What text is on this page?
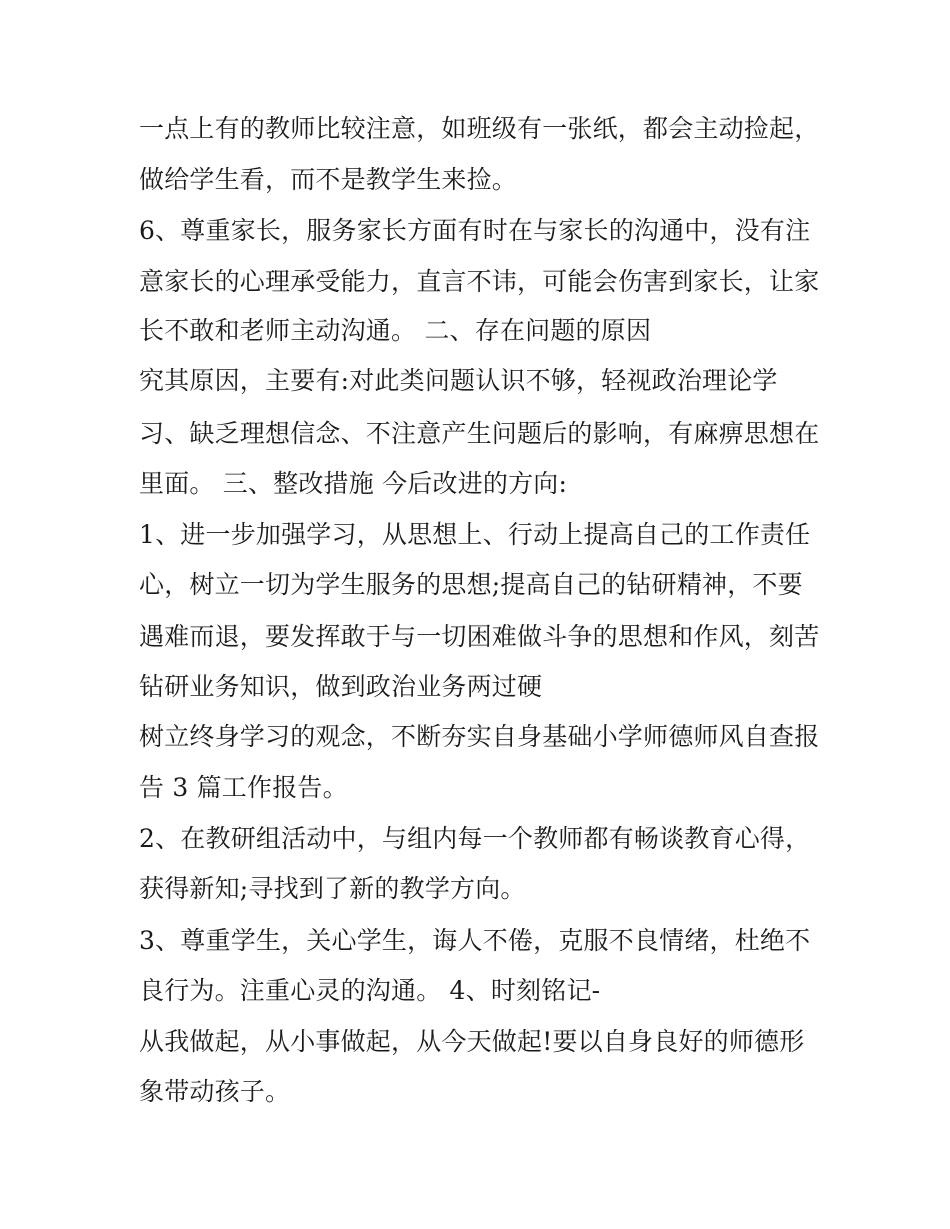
一点上有的教师比较注意，如班级有一张纸，都会主动捡起，
做给学生看，而不是教学生来捡。
6、尊重家长，服务家长方面有时在与家长的沟通中，没有注
意家长的心理承受能力，直言不讳，可能会伤害到家长，让家
长不敢和老师主动沟通。 二、存在问题的原因
究其原因，主要有:对此类问题认识不够，轻视政治理论学
习、缺乏理想信念、不注意产生问题后的影响，有麻痹思想在
里面。 三、整改措施 今后改进的方向:
1、进一步加强学习，从思想上、行动上提高自己的工作责任
心，树立一切为学生服务的思想;提高自己的钻研精神，不要
遇难而退，要发挥敢于与一切困难做斗争的思想和作风，刻苦
钻研业务知识，做到政治业务两过硬
树立终身学习的观念，不断夯实自身基础小学师德师风自查报
告 3 篇工作报告。
2、在教研组活动中，与组内每一个教师都有畅谈教育心得，
获得新知;寻找到了新的教学方向。
3、尊重学生，关心学生，诲人不倦，克服不良情绪，杜绝不
良行为。注重心灵的沟通。 4、时刻铭记-
从我做起，从小事做起，从今天做起!要以自身良好的师德形
象带动孩子。
